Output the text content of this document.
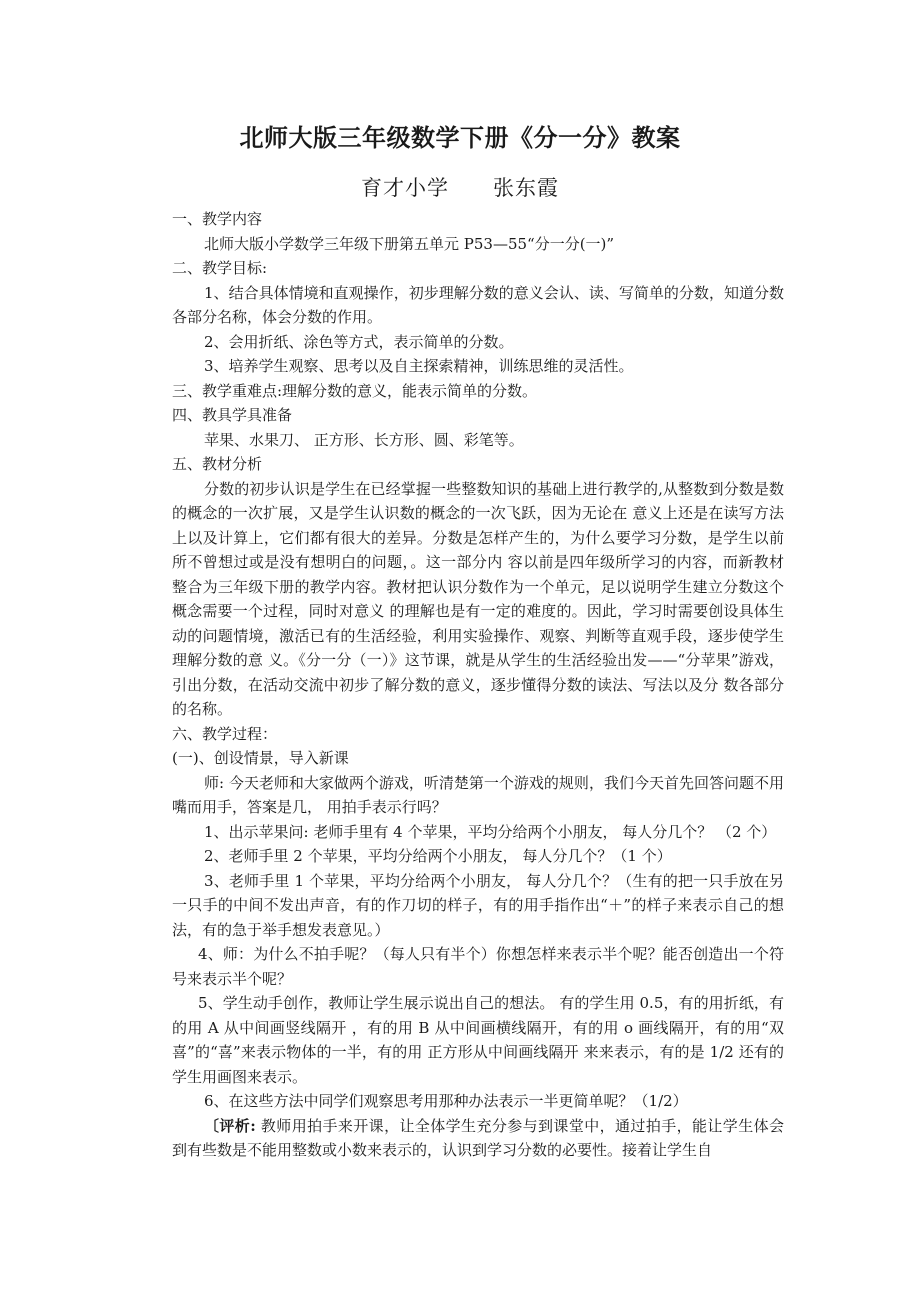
北师大版三年级数学下册《分一分》教案
育才小学 张东霞

一、教学内容

北师大版小学数学三年级下册第五单元 P53—55“分一分(一)”

二、教学目标:

1、结合具体情境和直观操作，初步理解分数的意义会认、读、写简单的分数，知道分数各部分名称，体会分数的作用。

2、会用折纸、涂色等方式，表示简单的分数。

3、培养学生观察、思考以及自主探索精神，训练思维的灵活性。

三、教学重难点:理解分数的意义，能表示简单的分数。

四、教具学具准备

苹果、水果刀、 正方形、长方形、圆、彩笔等。

五、教材分析

分数的初步认识是学生在已经掌握一些整数知识的基础上进行教学的,从整数到分数是数的概念的一次扩展，又是学生认识数的概念的一次飞跃，因为无论在 意义上还是在读写方法上以及计算上，它们都有很大的差异。分数是怎样产生的，为什么要学习分数，是学生以前所不曾想过或是没有想明白的问题，。这一部分内 容以前是四年级所学习的内容，而新教材整合为三年级下册的教学内容。教材把认识分数作为一个单元，足以说明学生建立分数这个概念需要一个过程，同时对意义 的理解也是有一定的难度的。因此，学习时需要创设具体生动的问题情境，激活已有的生活经验，利用实验操作、观察、判断等直观手段，逐步使学生理解分数的意 义。《分一分（一）》这节课，就是从学生的生活经验出发——“分苹果”游戏，引出分数，在活动交流中初步了解分数的意义，逐步懂得分数的读法、写法以及分 数各部分的名称。

六、教学过程：

(一)、创设情景，导入新课

师: 今天老师和大家做两个游戏，听清楚第一个游戏的规则，我们今天首先回答问题不用嘴而用手，答案是几， 用拍手表示行吗？

1、出示苹果问: 老师手里有 4 个苹果，平均分给两个小朋友， 每人分几个？ （2 个）

2、老师手里 2 个苹果，平均分给两个小朋友， 每人分几个？（1 个）

3、老师手里 1 个苹果，平均分给两个小朋友， 每人分几个？（生有的把一只手放在另一只手的中间不发出声音，有的作刀切的样子，有的用手指作出“＋”的样子来表示自己的想法，有的急于举手想发表意见。）

4、师：为什么不拍手呢？（每人只有半个）你想怎样来表示半个呢？能否创造出一个符号来表示半个呢？

5、学生动手创作，教师让学生展示说出自己的想法。 有的学生用 0.5，有的用折纸，有的用 A 从中间画竖线隔开 ，有的用 B 从中间画横线隔开，有的用 o 画线隔开，有的用“双喜”的“喜”来表示物体的一半，有的用 正方形从中间画线隔开 来来表示，有的是 1/2 还有的学生用画图来表示。

6、在这些方法中同学们观察思考用那种办法表示一半更简单呢？（1/2）

〔评析: 教师用拍手来开课，让全体学生充分参与到课堂中，通过拍手，能让学生体会到有些数是不能用整数或小数来表示的，认识到学习分数的必要性。接着让学生自
